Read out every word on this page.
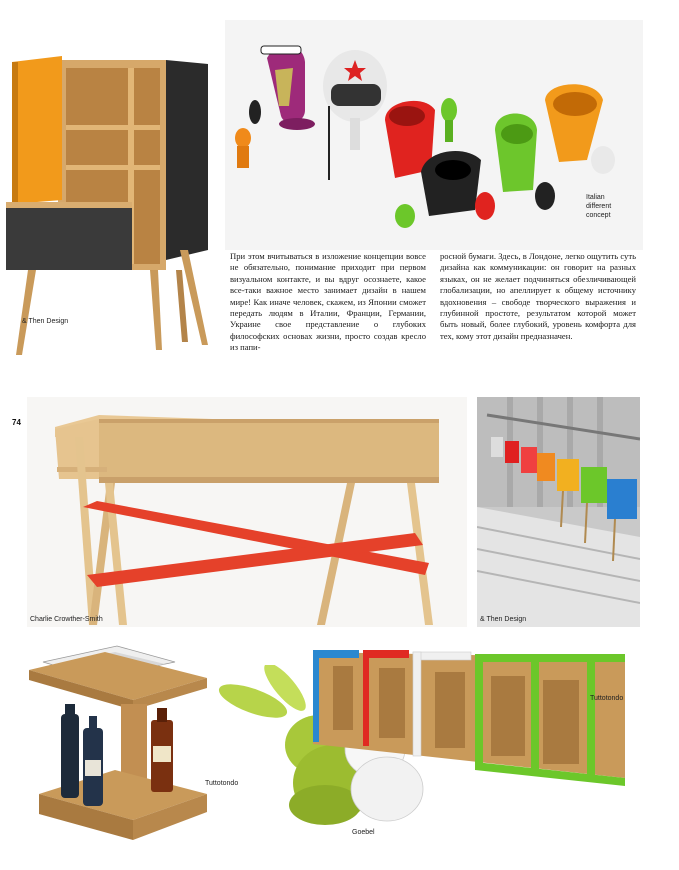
& Then Design
Italian
different
concept
При этом вчитываться в изложение концепции вовсе не обязательно, понимание приходит при первом визуальном контакте, и вы вдруг осознаете, какое все-таки важное место занимает дизайн в нашем мире! Как иначе человек, скажем, из Японии сможет передать людям в Италии, Франции, Германии, Украине свое представление о глубоких философских основах жизни, просто создав кресло из папи-
росной бумаги. Здесь, в Лондоне, легко ощутить суть дизайна как коммуникации: он говорит на разных языках, он не желает подчиняться обезличивающей глобализации, но апеллирует к общему источнику вдохновения – свободе творческого выражения и глубинной простоте, результатом которой может быть новый, более глубокий, уровень комфорта для тех, кому этот дизайн предназначен.
74
Charlie Crowther-Smith	& Then Design
Tuttotondo
Goebel
Tuttotondo
